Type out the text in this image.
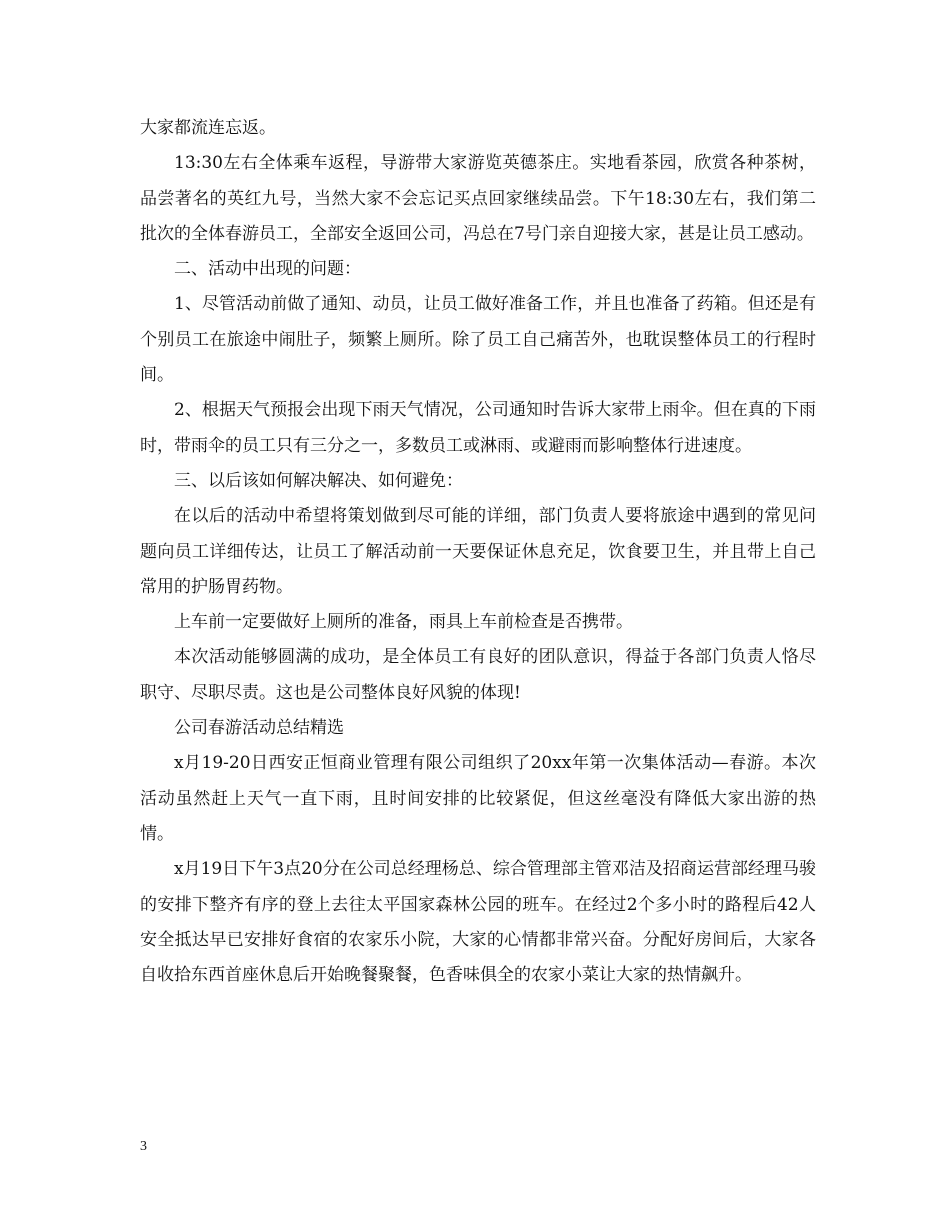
大家都流连忘返。

13:30左右全体乘车返程，导游带大家游览英德茶庄。实地看茶园，欣赏各种茶树，品尝著名的英红九号，当然大家不会忘记买点回家继续品尝。下午18:30左右，我们第二批次的全体春游员工，全部安全返回公司，冯总在7号门亲自迎接大家，甚是让员工感动。

二、活动中出现的问题：

1、尽管活动前做了通知、动员，让员工做好准备工作，并且也准备了药箱。但还是有个别员工在旅途中闹肚子，频繁上厕所。除了员工自己痛苦外，也耽误整体员工的行程时间。

2、根据天气预报会出现下雨天气情况，公司通知时告诉大家带上雨伞。但在真的下雨时，带雨伞的员工只有三分之一，多数员工或淋雨、或避雨而影响整体行进速度。

三、以后该如何解决解决、如何避免：

在以后的活动中希望将策划做到尽可能的详细，部门负责人要将旅途中遇到的常见问题向员工详细传达，让员工了解活动前一天要保证休息充足，饮食要卫生，并且带上自己常用的护肠胃药物。

上车前一定要做好上厕所的准备，雨具上车前检查是否携带。

本次活动能够圆满的成功，是全体员工有良好的团队意识，得益于各部门负责人恪尽职守、尽职尽责。这也是公司整体良好风貌的体现!

公司春游活动总结精选

x月19-20日西安正恒商业管理有限公司组织了20xx年第一次集体活动—春游。本次活动虽然赶上天气一直下雨，且时间安排的比较紧促，但这丝毫没有降低大家出游的热情。

x月19日下午3点20分在公司总经理杨总、综合管理部主管邓洁及招商运营部经理马骏的安排下整齐有序的登上去往太平国家森林公园的班车。在经过2个多小时的路程后42人安全抵达早已安排好食宿的农家乐小院，大家的心情都非常兴奋。分配好房间后，大家各自收拾东西首座休息后开始晚餐聚餐，色香味俱全的农家小菜让大家的热情飙升。

3
